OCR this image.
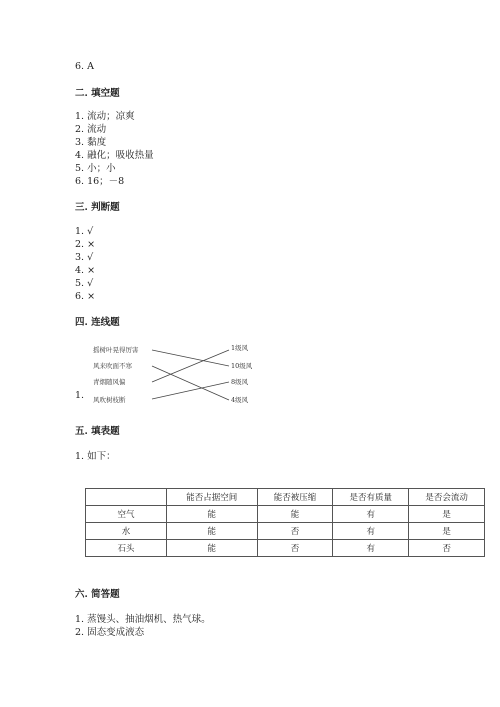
6. A
二. 填空题
1. 流动；凉爽
2. 流动
3. 黏度
4. 融化；吸收热量
5. 小；小
6. 16；－8
三. 判断题
1. √
2. ×
3. √
4. ×
5. √
6. ×
四. 连线题
1.
摇树叶晃得厉害
风来吹面不寒
青烟随风偏
风吹树枝断
1级风
10级风
8级风
4级风
五. 填表题
1. 如下：
	能否占据空间	能否被压缩	是否有质量	是否会流动
空气	能	能	有	是
水	能	否	有	是
石头	能	否	有	否
六. 简答题
1. 蒸馒头、抽油烟机、热气球。
2. 固态变成液态
